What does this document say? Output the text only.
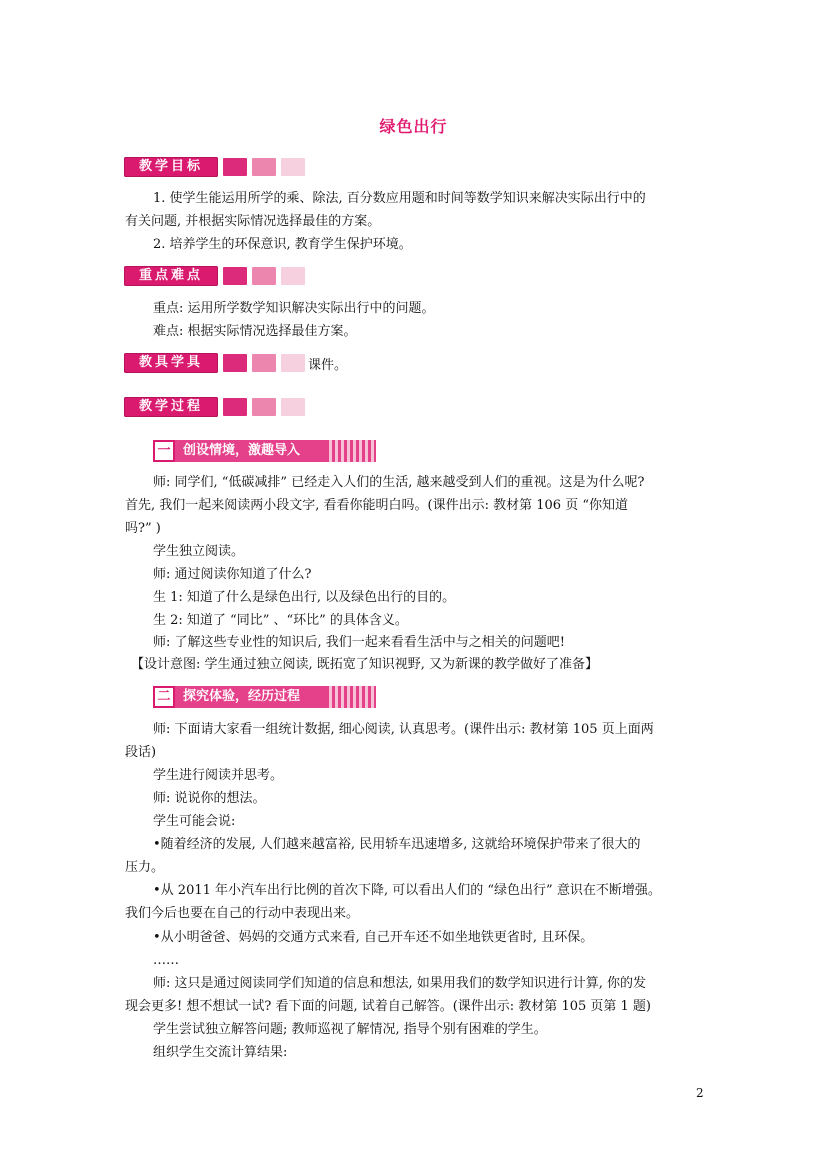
绿色出行
教学目标
1. 使学生能运用所学的乘、除法, 百分数应用题和时间等数学知识来解决实际出行中的
有关问题, 并根据实际情况选择最佳的方案。
2. 培养学生的环保意识, 教育学生保护环境。
重点难点
重点: 运用所学数学知识解决实际出行中的问题。
难点: 根据实际情况选择最佳方案。
教具学具	课件。
教学过程
一 创设情境，激趣导入
师: 同学们, “低碳减排” 已经走入人们的生活, 越来越受到人们的重视。这是为什么呢?
首先, 我们一起来阅读两小段文字, 看看你能明白吗。(课件出示: 教材第 106 页 “你知道
吗?” )
学生独立阅读。
师: 通过阅读你知道了什么?
生 1: 知道了什么是绿色出行, 以及绿色出行的目的。
生 2: 知道了 “同比” 、“环比” 的具体含义。
师: 了解这些专业性的知识后, 我们一起来看看生活中与之相关的问题吧!
【设计意图: 学生通过独立阅读, 既拓宽了知识视野, 又为新课的教学做好了准备】
二 探究体验，经历过程
师: 下面请大家看一组统计数据, 细心阅读, 认真思考。(课件出示: 教材第 105 页上面两
段话)
学生进行阅读并思考。
师: 说说你的想法。
学生可能会说:
•随着经济的发展, 人们越来越富裕, 民用轿车迅速增多, 这就给环境保护带来了很大的
压力。
•从 2011 年小汽车出行比例的首次下降, 可以看出人们的 “绿色出行” 意识在不断增强。
我们今后也要在自己的行动中表现出来。
•从小明爸爸、妈妈的交通方式来看, 自己开车还不如坐地铁更省时, 且环保。
……
师: 这只是通过阅读同学们知道的信息和想法, 如果用我们的数学知识进行计算, 你的发
现会更多! 想不想试一试? 看下面的问题, 试着自己解答。(课件出示: 教材第 105 页第 1 题)
学生尝试独立解答问题; 教师巡视了解情况, 指导个别有困难的学生。
组织学生交流计算结果:
2
